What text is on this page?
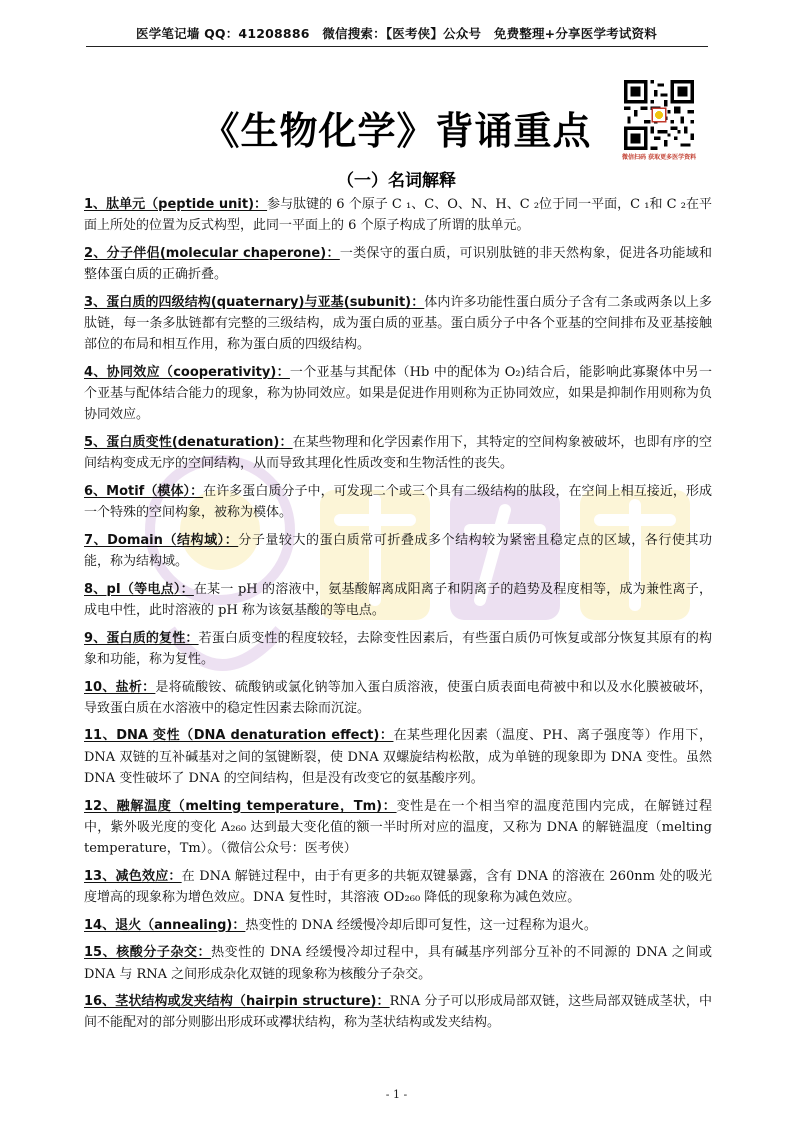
医学笔记墙 QQ：41208886　微信搜索：【医考侠】公众号　免费整理+分享医学考试资料
《生物化学》背诵重点
微信扫码 获取更多医学资料
（一）名词解释

1、肽单元（peptide unit)：参与肽键的 6 个原子 C ₁、C、O、N、H、C ₂位于同一平面，C ₁和 C ₂在平面上所处的位置为反式构型，此同一平面上的 6 个原子构成了所谓的肽单元。

2、分子伴侣(molecular chaperone)：一类保守的蛋白质，可识别肽链的非天然构象，促进各功能域和整体蛋白质的正确折叠。

3、蛋白质的四级结构(quaternary)与亚基(subunit)：体内许多功能性蛋白质分子含有二条或两条以上多肽链，每一条多肽链都有完整的三级结构，成为蛋白质的亚基。蛋白质分子中各个亚基的空间排布及亚基接触部位的布局和相互作用，称为蛋白质的四级结构。

4、协同效应（cooperativity)：一个亚基与其配体（Hb 中的配体为 O₂)结合后，能影响此寡聚体中另一个亚基与配体结合能力的现象，称为协同效应。如果是促进作用则称为正协同效应，如果是抑制作用则称为负协同效应。

5、蛋白质变性(denaturation)：在某些物理和化学因素作用下，其特定的空间构象被破坏，也即有序的空间结构变成无序的空间结构，从而导致其理化性质改变和生物活性的丧失。

6、Motif（模体）：在许多蛋白质分子中，可发现二个或三个具有二级结构的肽段，在空间上相互接近，形成一个特殊的空间构象，被称为模体。

7、Domain（结构域）：分子量较大的蛋白质常可折叠成多个结构较为紧密且稳定点的区域，各行使其功能，称为结构域。

8、pI（等电点）：在某一 pH 的溶液中，氨基酸解离成阳离子和阴离子的趋势及程度相等，成为兼性离子，成电中性，此时溶液的 pH 称为该氨基酸的等电点。

9、蛋白质的复性：若蛋白质变性的程度较轻，去除变性因素后，有些蛋白质仍可恢复或部分恢复其原有的构象和功能，称为复性。

10、盐析：是将硫酸铵、硫酸钠或氯化钠等加入蛋白质溶液，使蛋白质表面电荷被中和以及水化膜被破坏，导致蛋白质在水溶液中的稳定性因素去除而沉淀。

11、DNA 变性（DNA denaturation effect)：在某些理化因素（温度、PH、离子强度等）作用下，DNA 双链的互补碱基对之间的氢键断裂，使 DNA 双螺旋结构松散，成为单链的现象即为 DNA 变性。虽然 DNA 变性破坏了 DNA 的空间结构，但是没有改变它的氨基酸序列。

12、融解温度（melting temperature，Tm)：变性是在一个相当窄的温度范围内完成，在解链过程中，紫外吸光度的变化 A₂₆₀ 达到最大变化值的额一半时所对应的温度，又称为 DNA 的解链温度（melting temperature，Tm）。（微信公众号：医考侠）

13、减色效应：在 DNA 解链过程中，由于有更多的共轭双键暴露，含有 DNA 的溶液在 260nm 处的吸光度增高的现象称为增色效应。DNA 复性时，其溶液 OD₂₆₀ 降低的现象称为减色效应。

14、退火（annealing)：热变性的 DNA 经缓慢冷却后即可复性，这一过程称为退火。

15、核酸分子杂交：热变性的 DNA 经缓慢冷却过程中，具有碱基序列部分互补的不同源的 DNA 之间或 DNA 与 RNA 之间形成杂化双链的现象称为核酸分子杂交。

16、茎状结构或发夹结构（hairpin structure)：RNA 分子可以形成局部双链，这些局部双链成茎状，中间不能配对的部分则膨出形成环或襻状结构，称为茎状结构或发夹结构。

- 1 -
